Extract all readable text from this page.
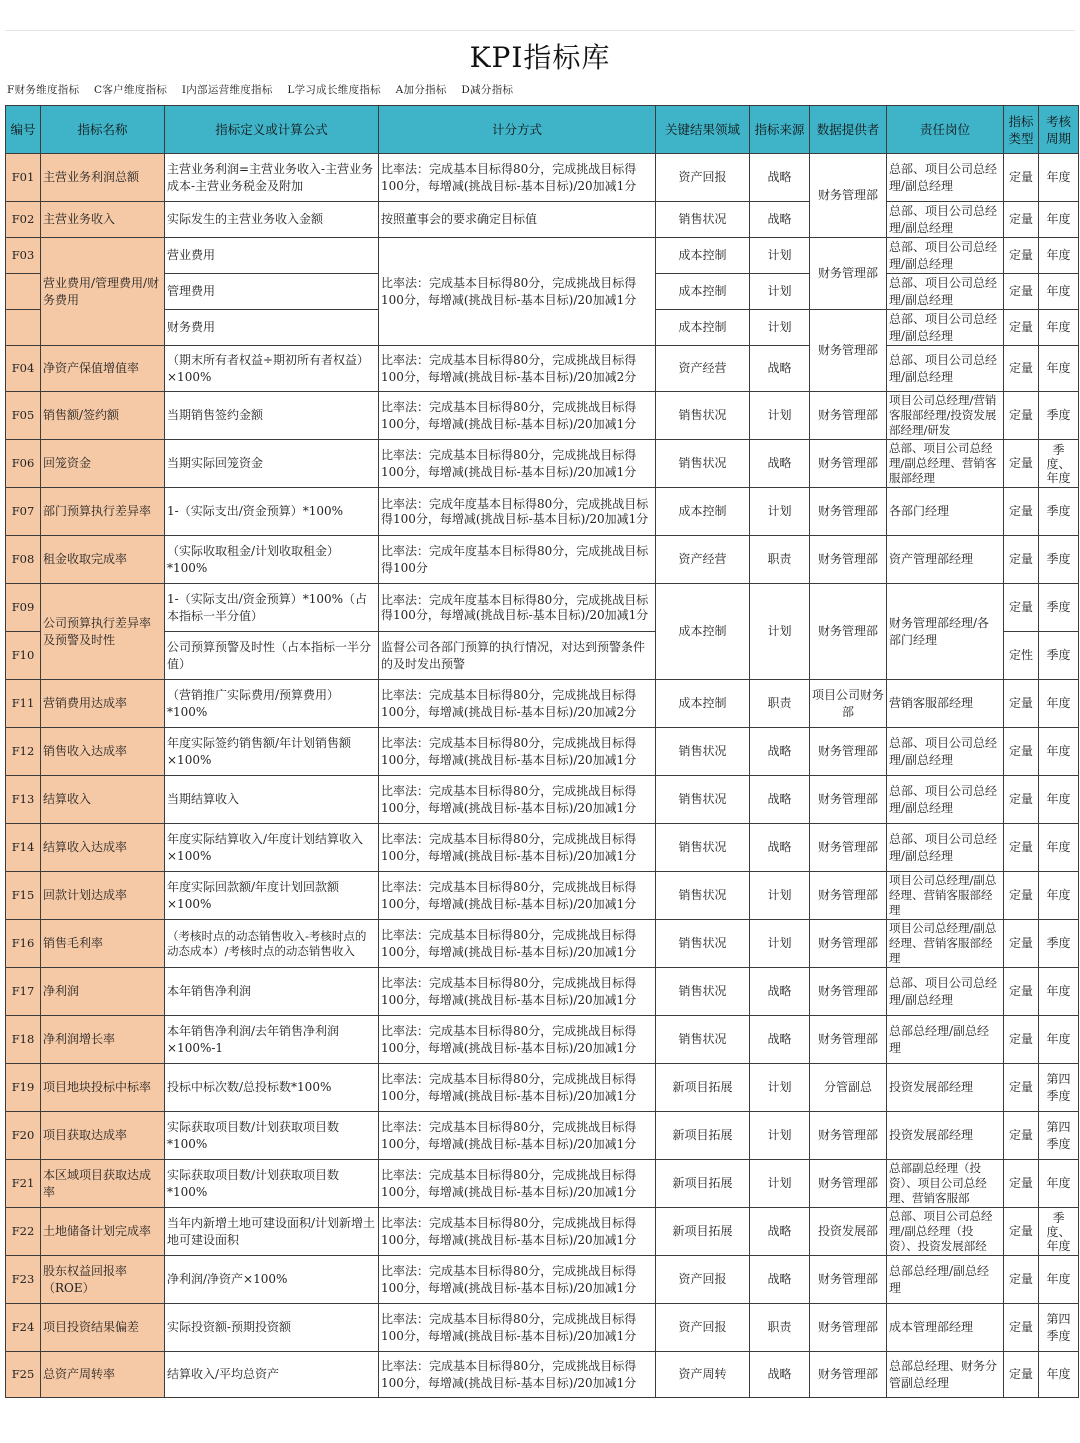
KPI指标库
F财务维度指标 C客户维度指标 I内部运营维度指标 L学习成长维度指标 A加分指标 D减分指标
编号	指标名称	指标定义或计算公式	计分方式	关键结果领域	指标来源	数据提供者	责任岗位	指标类型	考核周期
F01	主营业务利润总额	主营业务利润=主营业务收入-主营业务成本-主营业务税金及附加	比率法：完成基本目标得80分，完成挑战目标得100分，每增减(挑战目标-基本目标)/20加减1分	资产回报	战略	财务管理部	总部、项目公司总经理/副总经理	定量	年度
F02	主营业务收入	实际发生的主营业务收入金额	按照董事会的要求确定目标值	销售状况	战略		总部、项目公司总经理/副总经理	定量	年度
F03	营业费用/管理费用/财务费用	营业费用	比率法：完成基本目标得80分，完成挑战目标得100分，每增减(挑战目标-基本目标)/20加减1分	成本控制	计划	财务管理部	总部、项目公司总经理/副总经理	定量	年度
		管理费用		成本控制	计划		总部、项目公司总经理/副总经理	定量	年度
		财务费用		成本控制	计划	财务管理部	总部、项目公司总经理/副总经理	定量	年度
F04	净资产保值增值率	（期末所有者权益÷期初所有者权益）×100%	比率法：完成基本目标得80分，完成挑战目标得100分，每增减(挑战目标-基本目标)/20加减2分	资产经营	战略		总部、项目公司总经理/副总经理	定量	年度
F05	销售额/签约额	当期销售签约金额	比率法：完成基本目标得80分，完成挑战目标得100分，每增减(挑战目标-基本目标)/20加减1分	销售状况	计划	财务管理部	项目公司总经理/营销客服部经理/投资发展部经理/研发	定量	季度
F06	回笼资金	当期实际回笼资金	比率法：完成基本目标得80分，完成挑战目标得100分，每增减(挑战目标-基本目标)/20加减1分	销售状况	战略	财务管理部	总部、项目公司总经理/副总经理、营销客服部经理	定量	季度、年度
F07	部门预算执行差异率	1-（实际支出/资金预算）*100%	比率法：完成年度基本目标得80分，完成挑战目标得100分，每增减(挑战目标-基本目标)/20加减1分	成本控制	计划	财务管理部	各部门经理	定量	季度
F08	租金收取完成率	（实际收取租金/计划收取租金）*100%	比率法：完成年度基本目标得80分，完成挑战目标得100分	资产经营	职责	财务管理部	资产管理部经理	定量	季度
F09	公司预算执行差异率及预警及时性	1-（实际支出/资金预算）*100%（占本指标一半分值）	比率法：完成年度基本目标得80分，完成挑战目标得100分，每增减(挑战目标-基本目标)/20加减1分	成本控制	计划	财务管理部	财务管理部经理/各部门经理	定量	季度
F10		公司预算预警及时性（占本指标一半分值）	监督公司各部门预算的执行情况，对达到预警条件的及时发出预警					定性	季度
F11	营销费用达成率	（营销推广实际费用/预算费用）*100%	比率法：完成基本目标得80分，完成挑战目标得100分，每增减(挑战目标-基本目标)/20加减2分	成本控制	职责	项目公司财务部	营销客服部经理	定量	年度
F12	销售收入达成率	年度实际签约销售额/年计划销售额×100%	比率法：完成基本目标得80分，完成挑战目标得100分，每增减(挑战目标-基本目标)/20加减1分	销售状况	战略	财务管理部	总部、项目公司总经理/副总经理	定量	年度
F13	结算收入	当期结算收入	比率法：完成基本目标得80分，完成挑战目标得100分，每增减(挑战目标-基本目标)/20加减1分	销售状况	战略	财务管理部	总部、项目公司总经理/副总经理	定量	年度
F14	结算收入达成率	年度实际结算收入/年度计划结算收入×100%	比率法：完成基本目标得80分，完成挑战目标得100分，每增减(挑战目标-基本目标)/20加减1分	销售状况	战略	财务管理部	总部、项目公司总经理/副总经理	定量	年度
F15	回款计划达成率	年度实际回款额/年度计划回款额×100%	比率法：完成基本目标得80分，完成挑战目标得100分，每增减(挑战目标-基本目标)/20加减1分	销售状况	计划	财务管理部	项目公司总经理/副总经理、营销客服部经理	定量	年度
F16	销售毛利率	（考核时点的动态销售收入-考核时点的动态成本）/考核时点的动态销售收入	比率法：完成基本目标得80分，完成挑战目标得100分，每增减(挑战目标-基本目标)/20加减1分	销售状况	计划	财务管理部	项目公司总经理/副总经理、营销客服部经理	定量	季度
F17	净利润	本年销售净利润	比率法：完成基本目标得80分，完成挑战目标得100分，每增减(挑战目标-基本目标)/20加减1分	销售状况	战略	财务管理部	总部、项目公司总经理/副总经理	定量	年度
F18	净利润增长率	本年销售净利润/去年销售净利润×100%-1	比率法：完成基本目标得80分，完成挑战目标得100分，每增减(挑战目标-基本目标)/20加减1分	销售状况	战略	财务管理部	总部总经理/副总经理	定量	年度
F19	项目地块投标中标率	投标中标次数/总投标数*100%	比率法：完成基本目标得80分，完成挑战目标得100分，每增减(挑战目标-基本目标)/20加减1分	新项目拓展	计划	分管副总	投资发展部经理	定量	第四季度
F20	项目获取达成率	实际获取项目数/计划获取项目数*100%	比率法：完成基本目标得80分，完成挑战目标得100分，每增减(挑战目标-基本目标)/20加减1分	新项目拓展	计划	财务管理部	投资发展部经理	定量	第四季度
F21	本区域项目获取达成率	实际获取项目数/计划获取项目数*100%	比率法：完成基本目标得80分，完成挑战目标得100分，每增减(挑战目标-基本目标)/20加减1分	新项目拓展	计划	财务管理部	总部副总经理（投资）、项目公司总经理、营销客服部	定量	年度
F22	土地储备计划完成率	当年内新增土地可建设面积/计划新增土地可建设面积	比率法：完成基本目标得80分，完成挑战目标得100分，每增减(挑战目标-基本目标)/20加减1分	新项目拓展	战略	投资发展部	总部、项目公司总经理/副总经理（投资）、投资发展部经	定量	季度、年度
F23	股东权益回报率（ROE）	净利润/净资产×100%	比率法：完成基本目标得80分，完成挑战目标得100分，每增减(挑战目标-基本目标)/20加减1分	资产回报	战略	财务管理部	总部总经理/副总经理	定量	年度
F24	项目投资结果偏差	实际投资额-预期投资额	比率法：完成基本目标得80分，完成挑战目标得100分，每增减(挑战目标-基本目标)/20加减1分	资产回报	职责	财务管理部	成本管理部经理	定量	第四季度
F25	总资产周转率	结算收入/平均总资产	比率法：完成基本目标得80分，完成挑战目标得100分，每增减(挑战目标-基本目标)/20加减1分	资产周转	战略	财务管理部	总部总经理、财务分管副总经理	定量	年度
